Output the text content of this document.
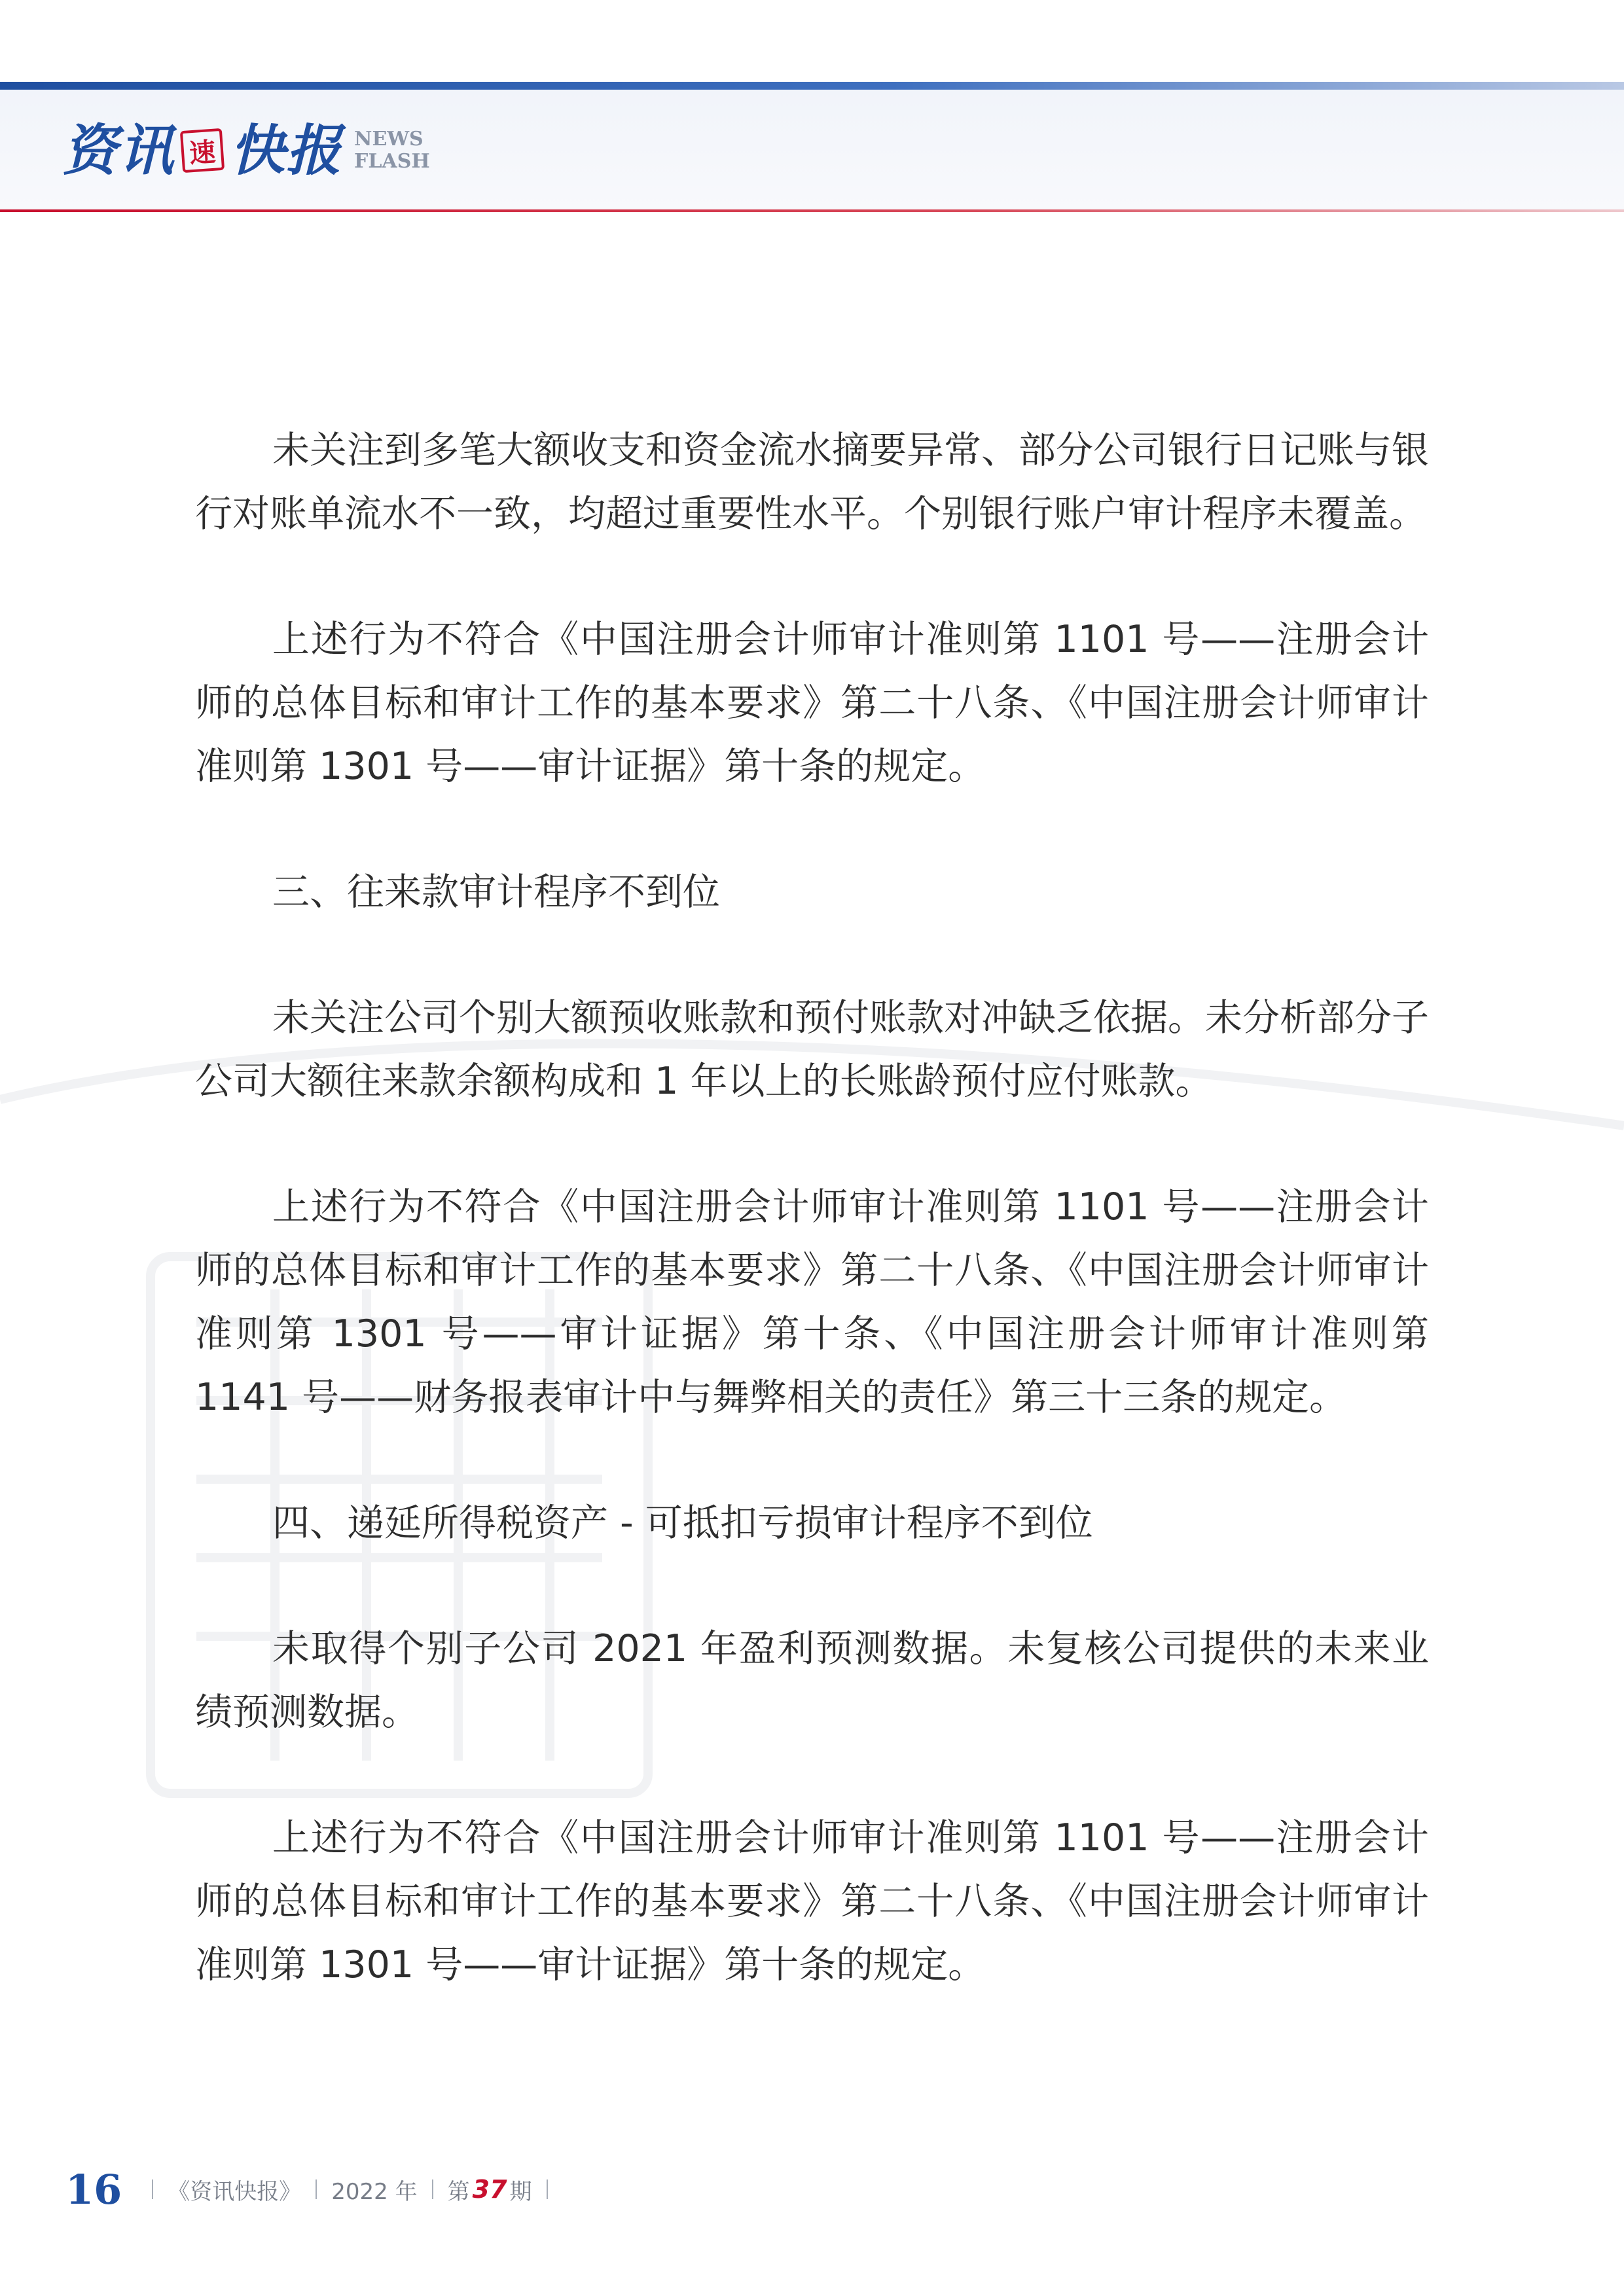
资讯 速 快报 NEWS
FLASH

未关注到多笔大额收支和资金流水摘要异常、部分公司银行日记账与银行对账单流水不一致，均超过重要性水平。个别银行账户审计程序未覆盖。

上述行为不符合《中国注册会计师审计准则第 1101 号——注册会计师的总体目标和审计工作的基本要求》第二十八条、《中国注册会计师审计准则第 1301 号——审计证据》第十条的规定。

三、往来款审计程序不到位

未关注公司个别大额预收账款和预付账款对冲缺乏依据。未分析部分子公司大额往来款余额构成和 1 年以上的长账龄预付应付账款。

上述行为不符合《中国注册会计师审计准则第 1101 号——注册会计师的总体目标和审计工作的基本要求》第二十八条、《中国注册会计师审计准则第 1301 号——审计证据》第十条、《中国注册会计师审计准则第 1141 号——财务报表审计中与舞弊相关的责任》第三十三条的规定。

四、递延所得税资产 - 可抵扣亏损审计程序不到位

未取得个别子公司 2021 年盈利预测数据。未复核公司提供的未来业绩预测数据。

上述行为不符合《中国注册会计师审计准则第 1101 号——注册会计师的总体目标和审计工作的基本要求》第二十八条、《中国注册会计师审计准则第 1301 号——审计证据》第十条的规定。

16 《资讯快报》 2022 年 第 37 期
